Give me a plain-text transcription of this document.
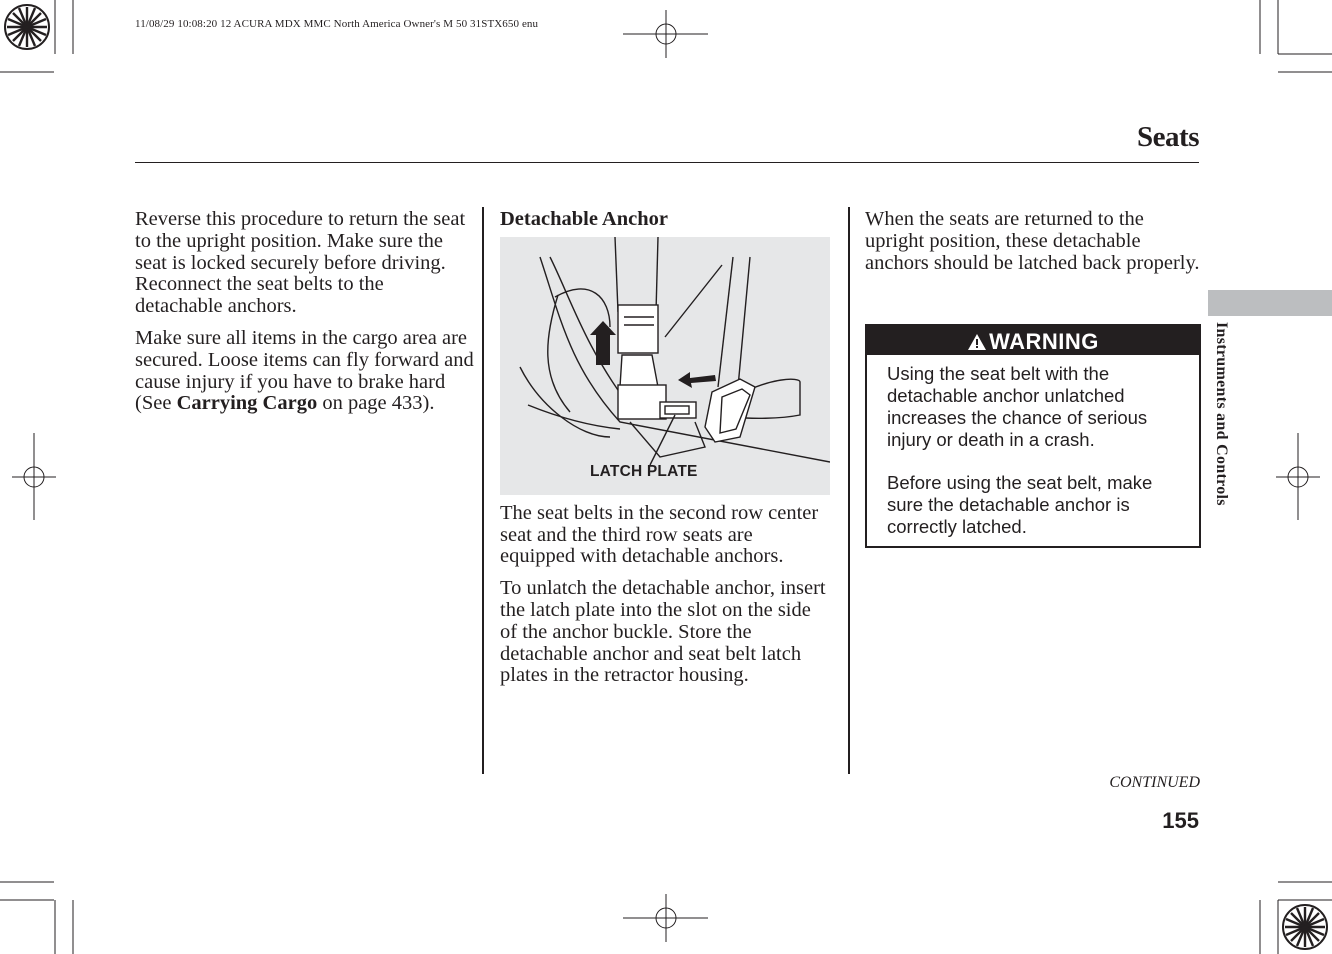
11/08/29 10:08:20 12 ACURA MDX MMC North America Owner's M 50 31STX650 enu
Seats

Reverse this procedure to return the seat to the upright position. Make sure the seat is locked securely before driving. Reconnect the seat belts to the detachable anchors.

Make sure all items in the cargo area are secured. Loose items can fly forward and cause injury if you have to brake hard (See Carrying Cargo on page 433).

Detachable Anchor
LATCH PLATE

The seat belts in the second row center seat and the third row seats are equipped with detachable anchors.

To unlatch the detachable anchor, insert the latch plate into the slot on the side of the anchor buckle. Store the detachable anchor and seat belt latch plates in the retractor housing.

When the seats are returned to the upright position, these detachable anchors should be latched back properly.

WARNING

Using the seat belt with the detachable anchor unlatched increases the chance of serious injury or death in a crash.

Before using the seat belt, make sure the detachable anchor is correctly latched.

Instruments and Controls
CONTINUED
155
